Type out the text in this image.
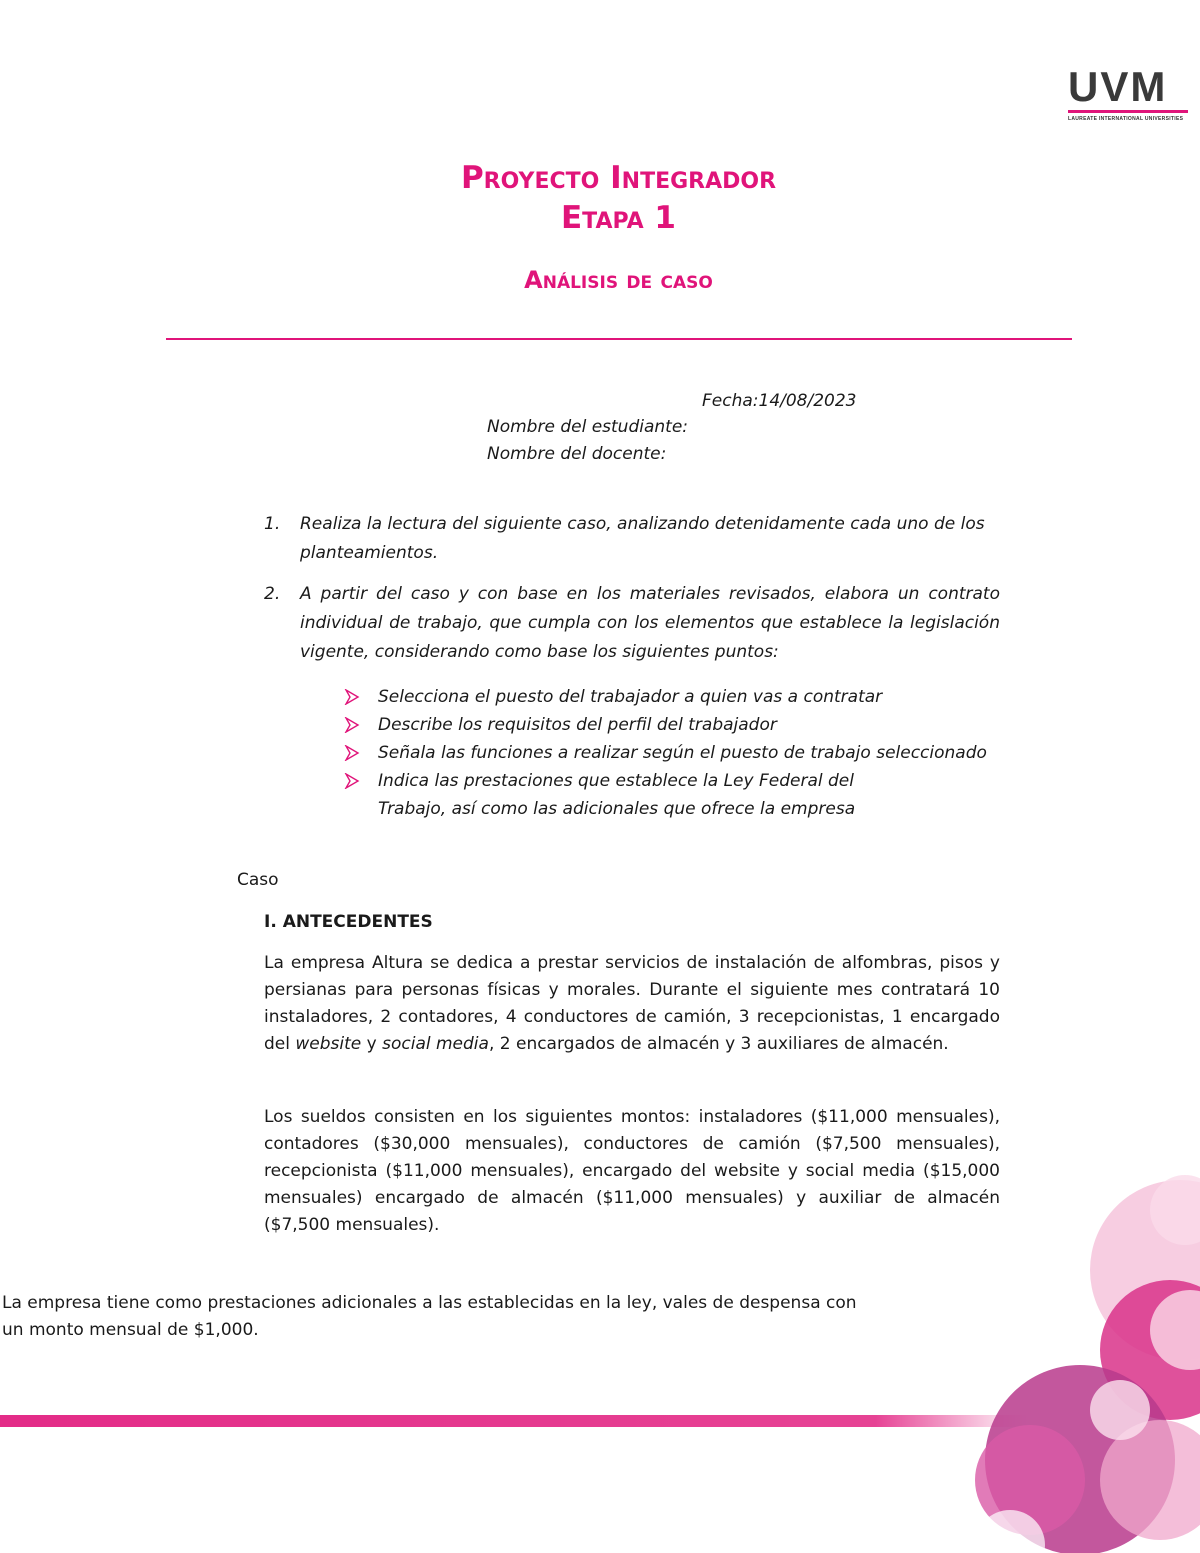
UVM
LAUREATE INTERNATIONAL UNIVERSITIES
Proyecto Integrador
Etapa 1
Análisis de caso
Fecha:14/08/2023
Nombre del estudiante:
Nombre del docente:
1. Realiza la lectura del siguiente caso, analizando detenidamente cada uno de los planteamientos.
2. A partir del caso y con base en los materiales revisados, elabora un contrato individual de trabajo, que cumpla con los elementos que establece la legislación vigente, considerando como base los siguientes puntos:
Selecciona el puesto del trabajador a quien vas a contratar
Describe los requisitos del perfil del trabajador
Señala las funciones a realizar según el puesto de trabajo seleccionado
Indica las prestaciones que establece la Ley Federal del
Trabajo, así como las adicionales que ofrece la empresa
Caso
I. ANTECEDENTES
La empresa Altura se dedica a prestar servicios de instalación de alfombras, pisos y persianas para personas físicas y morales. Durante el siguiente mes contratará 10 instaladores, 2 contadores, 4 conductores de camión, 3 recepcionistas, 1 encargado del website y social media, 2 encargados de almacén y 3 auxiliares de almacén.
Los sueldos consisten en los siguientes montos: instaladores ($11,000 mensuales), contadores ($30,000 mensuales), conductores de camión ($7,500 mensuales), recepcionista ($11,000 mensuales), encargado del website y social media ($15,000 mensuales) encargado de almacén ($11,000 mensuales) y auxiliar de almacén ($7,500 mensuales).
La empresa tiene como prestaciones adicionales a las establecidas en la ley, vales de despensa con
un monto mensual de $1,000.
